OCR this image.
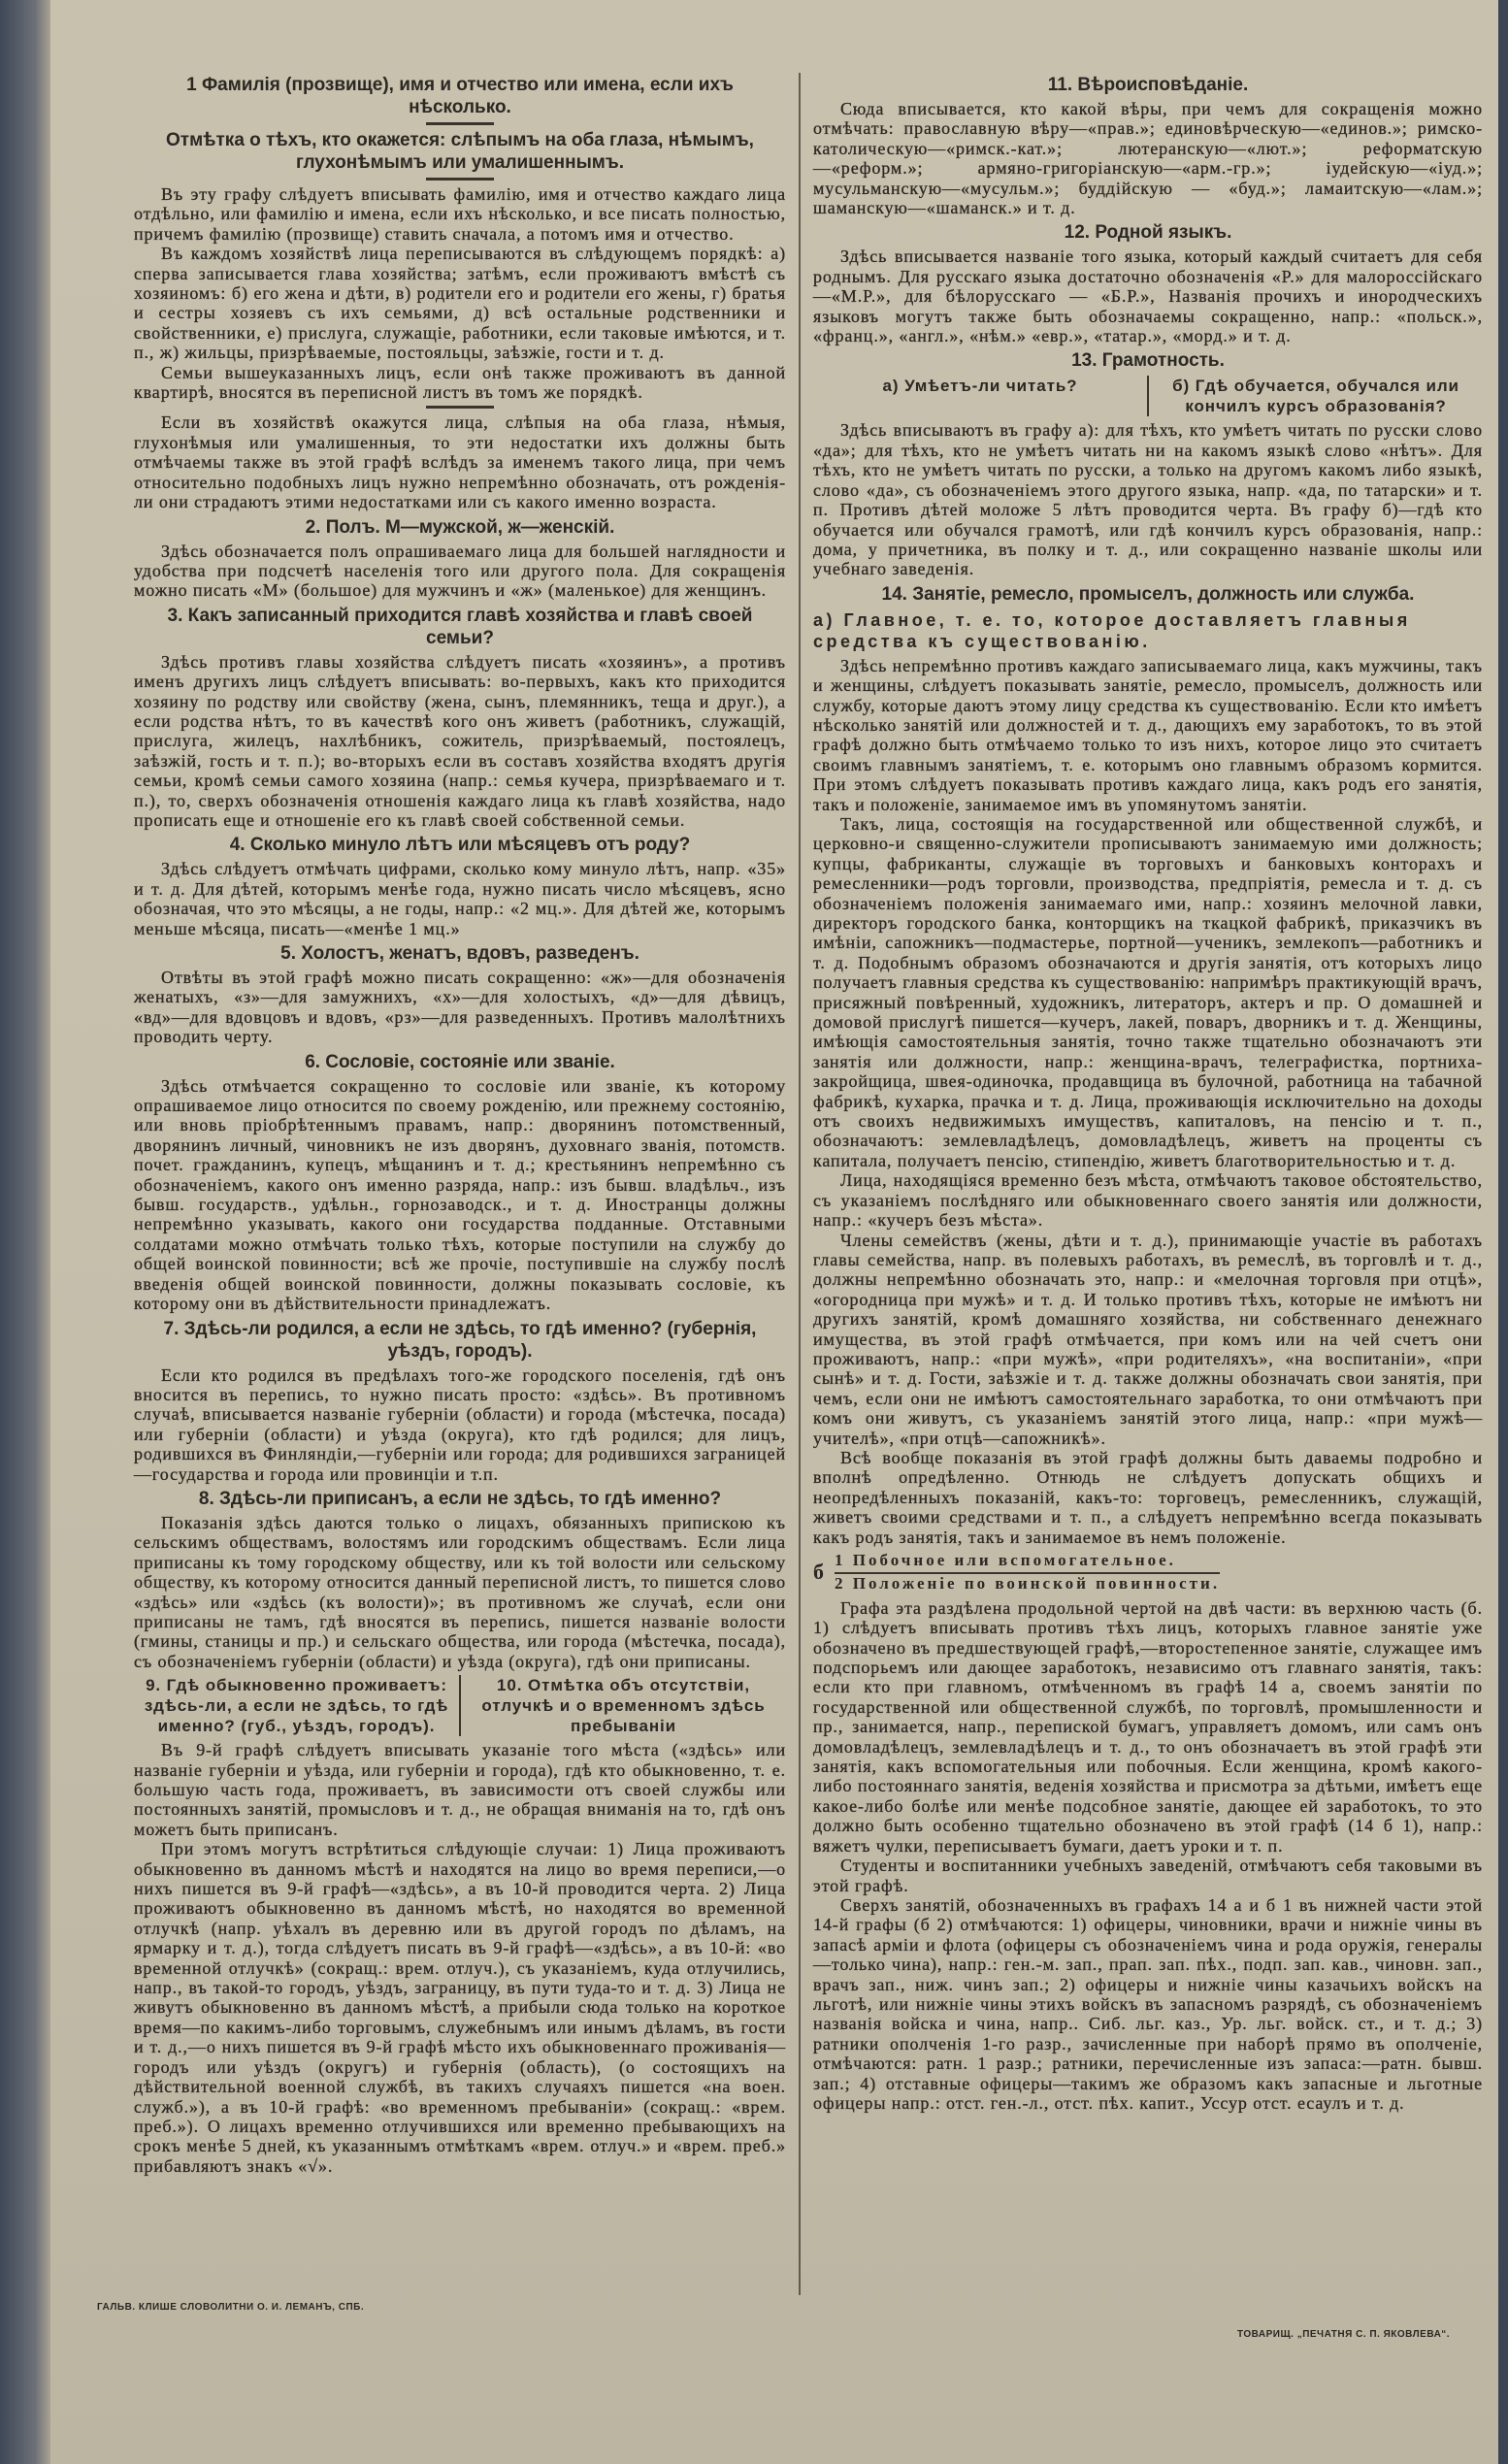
1 Фамилія (прозвище), имя и отчество или имена, если ихъ нѣсколько.
Отмѣтка о тѣхъ, кто окажется: слѣпымъ на оба глаза, нѣмымъ, глухонѣмымъ или умалишеннымъ.

Въ эту графу слѣдуетъ вписывать фамилію, имя и отчество каждаго лица отдѣльно, или фамилію и имена, если ихъ нѣсколько, и все писать полностью, причемъ фамилію (прозвище) ставить сначала, а потомъ имя и отчество.

Въ каждомъ хозяйствѣ лица переписываются въ слѣдующемъ порядкѣ: а) сперва записывается глава хозяйства; затѣмъ, если проживаютъ вмѣстѣ съ хозяиномъ: б) его жена и дѣти, в) родители его и родители его жены, г) братья и сестры хозяевъ съ ихъ семьями, д) всѣ остальные родственники и свойственники, е) прислуга, служащіе, работники, если таковые имѣются, и т. п., ж) жильцы, призрѣваемые, постояльцы, заѣзжіе, гости и т. д.

Семьи вышеуказанныхъ лицъ, если онѣ также проживаютъ въ данной квартирѣ, вносятся въ переписной листъ въ томъ же порядкѣ.

Если въ хозяйствѣ окажутся лица, слѣпыя на оба глаза, нѣмыя, глухонѣмыя или умалишенныя, то эти недостатки ихъ должны быть отмѣчаемы также въ этой графѣ вслѣдъ за именемъ такого лица, при чемъ относительно подобныхъ лицъ нужно непремѣнно обозначать, отъ рожденія-ли они страдаютъ этими недостатками или съ какого именно возраста.

2. Полъ. М—мужской, ж—женскій.

Здѣсь обозначается полъ опрашиваемаго лица для большей наглядности и удобства при подсчетѣ населенія того или другого пола. Для сокращенія можно писать «М» (большое) для мужчинъ и «ж» (маленькое) для женщинъ.

3. Какъ записанный приходится главѣ хозяйства и главѣ своей семьи?

Здѣсь противъ главы хозяйства слѣдуетъ писать «хозяинъ», а противъ именъ другихъ лицъ слѣдуетъ вписывать: во-первыхъ, какъ кто приходится хозяину по родству или свойству (жена, сынъ, племянникъ, теща и друг.), а если родства нѣтъ, то въ качествѣ кого онъ живетъ (работникъ, служащій, прислуга, жилецъ, нахлѣбникъ, сожитель, призрѣваемый, постоялецъ, заѣзжій, гость и т. п.); во-вторыхъ если въ составъ хозяйства входятъ другія семьи, кромѣ семьи самого хозяина (напр.: семья кучера, призрѣваемаго и т. п.), то, сверхъ обозначенія отношенія каждаго лица къ главѣ хозяйства, надо прописать еще и отношеніе его къ главѣ своей собственной семьи.

4. Сколько минуло лѣтъ или мѣсяцевъ отъ роду?

Здѣсь слѣдуетъ отмѣчать цифрами, сколько кому минуло лѣтъ, напр. «35» и т. д. Для дѣтей, которымъ менѣе года, нужно писать число мѣсяцевъ, ясно обозначая, что это мѣсяцы, а не годы, напр.: «2 мц.». Для дѣтей же, которымъ меньше мѣсяца, писать—«менѣе 1 мц.»

5. Холостъ, женатъ, вдовъ, разведенъ.

Отвѣты въ этой графѣ можно писать сокращенно: «ж»—для обозначенія женатыхъ, «з»—для замужнихъ, «х»—для холостыхъ, «д»—для дѣвицъ, «вд»—для вдовцовъ и вдовъ, «рз»—для разведенныхъ. Противъ малолѣтнихъ проводить черту.

6. Сословіе, состояніе или званіе.

Здѣсь отмѣчается сокращенно то сословіе или званіе, къ которому опрашиваемое лицо относится по своему рожденію, или прежнему состоянію, или вновь пріобрѣтеннымъ правамъ, напр.: дворянинъ потомственный, дворянинъ личный, чиновникъ не изъ дворянъ, духовнаго званія, потомств. почет. гражданинъ, купецъ, мѣщанинъ и т. д.; крестьянинъ непремѣнно съ обозначеніемъ, какого онъ именно разряда, напр.: изъ бывш. владѣльч., изъ бывш. государств., удѣльн., горнозаводск., и т. д. Иностранцы должны непремѣнно указывать, какого они государства подданные. Отставными солдатами можно отмѣчать только тѣхъ, которые поступили на службу до общей воинской повинности; всѣ же прочіе, поступившіе на службу послѣ введенія общей воинской повинности, должны показывать сословіе, къ которому они въ дѣйствительности принадлежатъ.

7. Здѣсь-ли родился, а если не здѣсь, то гдѣ именно? (губернія, уѣздъ, городъ).

Если кто родился въ предѣлахъ того-же городского поселенія, гдѣ онъ вносится въ перепись, то нужно писать просто: «здѣсь». Въ противномъ случаѣ, вписывается названіе губерніи (области) и города (мѣстечка, посада) или губерніи (области) и уѣзда (округа), кто гдѣ родился; для лицъ, родившихся въ Финляндіи,—губерніи или города; для родившихся заграницей—государства и города или провинціи и т.п.

8. Здѣсь-ли приписанъ, а если не здѣсь, то гдѣ именно?

Показанія здѣсь даются только о лицахъ, обязанныхъ припискою къ сельскимъ обществамъ, волостямъ или городскимъ обществамъ. Если лица приписаны къ тому городскому обществу, или къ той волости или сельскому обществу, къ которому относится данный переписной листъ, то пишется слово «здѣсь» или «здѣсь (къ волости)»; въ противномъ же случаѣ, если они приписаны не тамъ, гдѣ вносятся въ перепись, пишется названіе волости (гмины, станицы и пр.) и сельскаго общества, или города (мѣстечка, посада), съ обозначеніемъ губерніи (области) и уѣзда (округа), гдѣ они приписаны.

9. Гдѣ обыкновенно проживаетъ: здѣсь-ли, а если не здѣсь, то гдѣ именно? (губ., уѣздъ, городъ).
10. Отмѣтка объ отсутствіи, отлучкѣ и о временномъ здѣсь пребываніи

Въ 9-й графѣ слѣдуетъ вписывать указаніе того мѣста («здѣсь» или названіе губерніи и уѣзда, или губерніи и города), гдѣ кто обыкновенно, т. е. большую часть года, проживаетъ, въ зависимости отъ своей службы или постоянныхъ занятій, промысловъ и т. д., не обращая вниманія на то, гдѣ онъ можетъ быть приписанъ.

При этомъ могутъ встрѣтиться слѣдующіе случаи: 1) Лица проживаютъ обыкновенно въ данномъ мѣстѣ и находятся на лицо во время переписи,—о нихъ пишется въ 9-й графѣ—«здѣсь», а въ 10-й проводится черта. 2) Лица проживаютъ обыкновенно въ данномъ мѣстѣ, но находятся во временной отлучкѣ (напр. уѣхалъ въ деревню или въ другой городъ по дѣламъ, на ярмарку и т. д.), тогда слѣдуетъ писать въ 9-й графѣ—«здѣсь», а въ 10-й: «во временной отлучкѣ» (сокращ.: врем. отлуч.), съ указаніемъ, куда отлучились, напр., въ такой-то городъ, уѣздъ, заграницу, въ пути туда-то и т. д. 3) Лица не живутъ обыкновенно въ данномъ мѣстѣ, а прибыли сюда только на короткое время—по какимъ-либо торговымъ, служебнымъ или инымъ дѣламъ, въ гости и т. д.,—о нихъ пишется въ 9-й графѣ мѣсто ихъ обыкновеннаго проживанія—городъ или уѣздъ (округъ) и губернія (область), (о состоящихъ на дѣйствительной военной службѣ, въ такихъ случаяхъ пишется «на воен. служб.»), а въ 10-й графѣ: «во временномъ пребываніи» (сокращ.: «врем. преб.»). О лицахъ временно отлучившихся или временно пребывающихъ на срокъ менѣе 5 дней, къ указаннымъ отмѣткамъ «врем. отлуч.» и «врем. преб.» прибавляютъ знакъ «√».

11. Вѣроисповѣданіе.

Сюда вписывается, кто какой вѣры, при чемъ для сокращенія можно отмѣчать: православную вѣру—«прав.»; единовѣрческую—«единов.»; римско-католическую—«римск.-кат.»; лютеранскую—«лют.»; реформатскую—«реформ.»; армяно-григоріанскую—«арм.-гр.»; іудейскую—«іуд.»; мусульманскую—«мусульм.»; буддійскую — «буд.»; ламаитскую—«лам.»; шаманскую—«шаманск.» и т. д.

12. Родной языкъ.

Здѣсь вписывается названіе того языка, который каждый считаетъ для себя роднымъ. Для русскаго языка достаточно обозначенія «Р.» для малороссійскаго—«М.Р.», для бѣлорусскаго — «Б.Р.», Названія прочихъ и инородческихъ языковъ могутъ также быть обозначаемы сокращенно, напр.: «польск.», «франц.», «англ.», «нѣм.» «евр.», «татар.», «морд.» и т. д.

13. Грамотность.
а) Умѣетъ-ли читать?	б) Гдѣ обучается, обучался или кончилъ курсъ образованія?

Здѣсь вписываютъ въ графу а): для тѣхъ, кто умѣетъ читать по русски слово «да»; для тѣхъ, кто не умѣетъ читать ни на какомъ языкѣ слово «нѣтъ». Для тѣхъ, кто не умѣетъ читать по русски, а только на другомъ какомъ либо языкѣ, слово «да», съ обозначеніемъ этого другого языка, напр. «да, по татарски» и т. п. Противъ дѣтей моложе 5 лѣтъ проводится черта. Въ графу б)—гдѣ кто обучается или обучался грамотѣ, или гдѣ кончилъ курсъ образованія, напр.: дома, у причетника, въ полку и т. д., или сокращенно названіе школы или учебнаго заведенія.

14. Занятіе, ремесло, промыселъ, должность или служба.
а) Главное, т. е. то, которое доставляетъ главныя средства къ существованію.

Здѣсь непремѣнно противъ каждаго записываемаго лица, какъ мужчины, такъ и женщины, слѣдуетъ показывать занятіе, ремесло, промыселъ, должность или службу, которые даютъ этому лицу средства къ существованію. Если кто имѣетъ нѣсколько занятій или должностей и т. д., дающихъ ему заработокъ, то въ этой графѣ должно быть отмѣчаемо только то изъ нихъ, которое лицо это считаетъ своимъ главнымъ занятіемъ, т. е. которымъ оно главнымъ образомъ кормится. При этомъ слѣдуетъ показывать противъ каждаго лица, какъ родъ его занятія, такъ и положеніе, занимаемое имъ въ упомянутомъ занятіи.

Такъ, лица, состоящія на государственной или общественной службѣ, и церковно-и священно-служители прописываютъ занимаемую ими должность; купцы, фабриканты, служащіе въ торговыхъ и банковыхъ конторахъ и ремесленники—родъ торговли, производства, предпріятія, ремесла и т. д. съ обозначеніемъ положенія занимаемаго ими, напр.: хозяинъ мелочной лавки, директоръ городского банка, конторщикъ на ткацкой фабрикѣ, приказчикъ въ имѣніи, сапожникъ—подмастерье, портной—ученикъ, землекопъ—работникъ и т. д. Подобнымъ образомъ обозначаются и другія занятія, отъ которыхъ лицо получаетъ главныя средства къ существованію: напримѣръ практикующій врачъ, присяжный повѣренный, художникъ, литераторъ, актеръ и пр. О домашней и домовой прислугѣ пишется—кучеръ, лакей, поваръ, дворникъ и т. д. Женщины, имѣющія самостоятельныя занятія, точно также тщательно обозначаютъ эти занятія или должности, напр.: женщина-врачъ, телеграфистка, портниха-закройщица, швея-одиночка, продавщица въ булочной, работница на табачной фабрикѣ, кухарка, прачка и т. д. Лица, проживающія исключительно на доходы отъ своихъ недвижимыхъ имуществъ, капиталовъ, на пенсію и т. п., обозначаютъ: землевладѣлецъ, домовладѣлецъ, живетъ на проценты съ капитала, получаетъ пенсію, стипендію, живетъ благотворительностью и т. д.

Лица, находящіяся временно безъ мѣста, отмѣчаютъ таковое обстоятельство, съ указаніемъ послѣдняго или обыкновеннаго своего занятія или должности, напр.: «кучеръ безъ мѣста».

Члены семействъ (жены, дѣти и т. д.), принимающіе участіе въ работахъ главы семейства, напр. въ полевыхъ работахъ, въ ремеслѣ, въ торговлѣ и т. д., должны непремѣнно обозначать это, напр.: и «мелочная торговля при отцѣ», «огородница при мужѣ» и т. д. И только противъ тѣхъ, которые не имѣютъ ни другихъ занятій, кромѣ домашняго хозяйства, ни собственнаго денежнаго имущества, въ этой графѣ отмѣчается, при комъ или на чей счетъ они проживаютъ, напр.: «при мужѣ», «при родителяхъ», «на воспитаніи», «при сынѣ» и т. д. Гости, заѣзжіе и т. д. также должны обозначать свои занятія, при чемъ, если они не имѣютъ самостоятельнаго заработка, то они отмѣчаютъ при комъ они живутъ, съ указаніемъ занятій этого лица, напр.: «при мужѣ—учителѣ», «при отцѣ—сапожникѣ».

Всѣ вообще показанія въ этой графѣ должны быть даваемы подробно и вполнѣ опредѣленно. Отнюдь не слѣдуетъ допускать общихъ и неопредѣленныхъ показаній, какъ-то: торговецъ, ремесленникъ, служащій, живетъ своими средствами и т. п., а слѣдуетъ непремѣнно всегда показывать какъ родъ занятія, такъ и занимаемое въ немъ положеніе.

б 1 Побочное или вспомогательное.
2 Положеніе по воинской повинности.

Графа эта раздѣлена продольной чертой на двѣ части: въ верхнюю часть (б. 1) слѣдуетъ вписывать противъ тѣхъ лицъ, которыхъ главное занятіе уже обозначено въ предшествующей графѣ,—второстепенное занятіе, служащее имъ подспорьемъ или дающее заработокъ, независимо отъ главнаго занятія, такъ: если кто при главномъ, отмѣченномъ въ графѣ 14 а, своемъ занятіи по государственной или общественной службѣ, по торговлѣ, промышленности и пр., занимается, напр., перепиской бумагъ, управляетъ домомъ, или самъ онъ домовладѣлецъ, землевладѣлецъ и т. д., то онъ обозначаетъ въ этой графѣ эти занятія, какъ вспомогательныя или побочныя. Если женщина, кромѣ какого-либо постояннаго занятія, веденія хозяйства и присмотра за дѣтьми, имѣетъ еще какое-либо болѣе или менѣе подсобное занятіе, дающее ей заработокъ, то это должно быть особенно тщательно обозначено въ этой графѣ (14 б 1), напр.: вяжетъ чулки, переписываетъ бумаги, даетъ уроки и т. п.

Студенты и воспитанники учебныхъ заведеній, отмѣчаютъ себя таковыми въ этой графѣ.

Сверхъ занятій, обозначенныхъ въ графахъ 14 а и б 1 въ нижней части этой 14-й графы (б 2) отмѣчаются: 1) офицеры, чиновники, врачи и нижніе чины въ запасѣ арміи и флота (офицеры съ обозначеніемъ чина и рода оружія, генералы—только чина), напр.: ген.-м. зап., прап. зап. пѣх., подп. зап. кав., чиновн. зап., врачъ зап., ниж. чинъ зап.; 2) офицеры и нижніе чины казачьихъ войскъ на льготѣ, или нижніе чины этихъ войскъ въ запасномъ разрядѣ, съ обозначеніемъ названія войска и чина, напр.. Сиб. льг. каз., Ур. льг. войск. ст., и т. д.; 3) ратники ополченія 1-го разр., зачисленные при наборѣ прямо въ ополченіе, отмѣчаются: ратн. 1 разр.; ратники, перечисленные изъ запаса:—ратн. бывш. зап.; 4) отставные офицеры—такимъ же образомъ какъ запасные и льготные офицеры напр.: отст. ген.-л., отст. пѣх. капит., Уссур отст. есаулъ и т. д.

ГАЛЬВ. КЛИШЕ СЛОВОЛИТНИ О. И. ЛЕМАНЪ, СПБ.
ТОВАРИЩ. „ПЕЧАТНЯ С. П. ЯКОВЛЕВА“.
